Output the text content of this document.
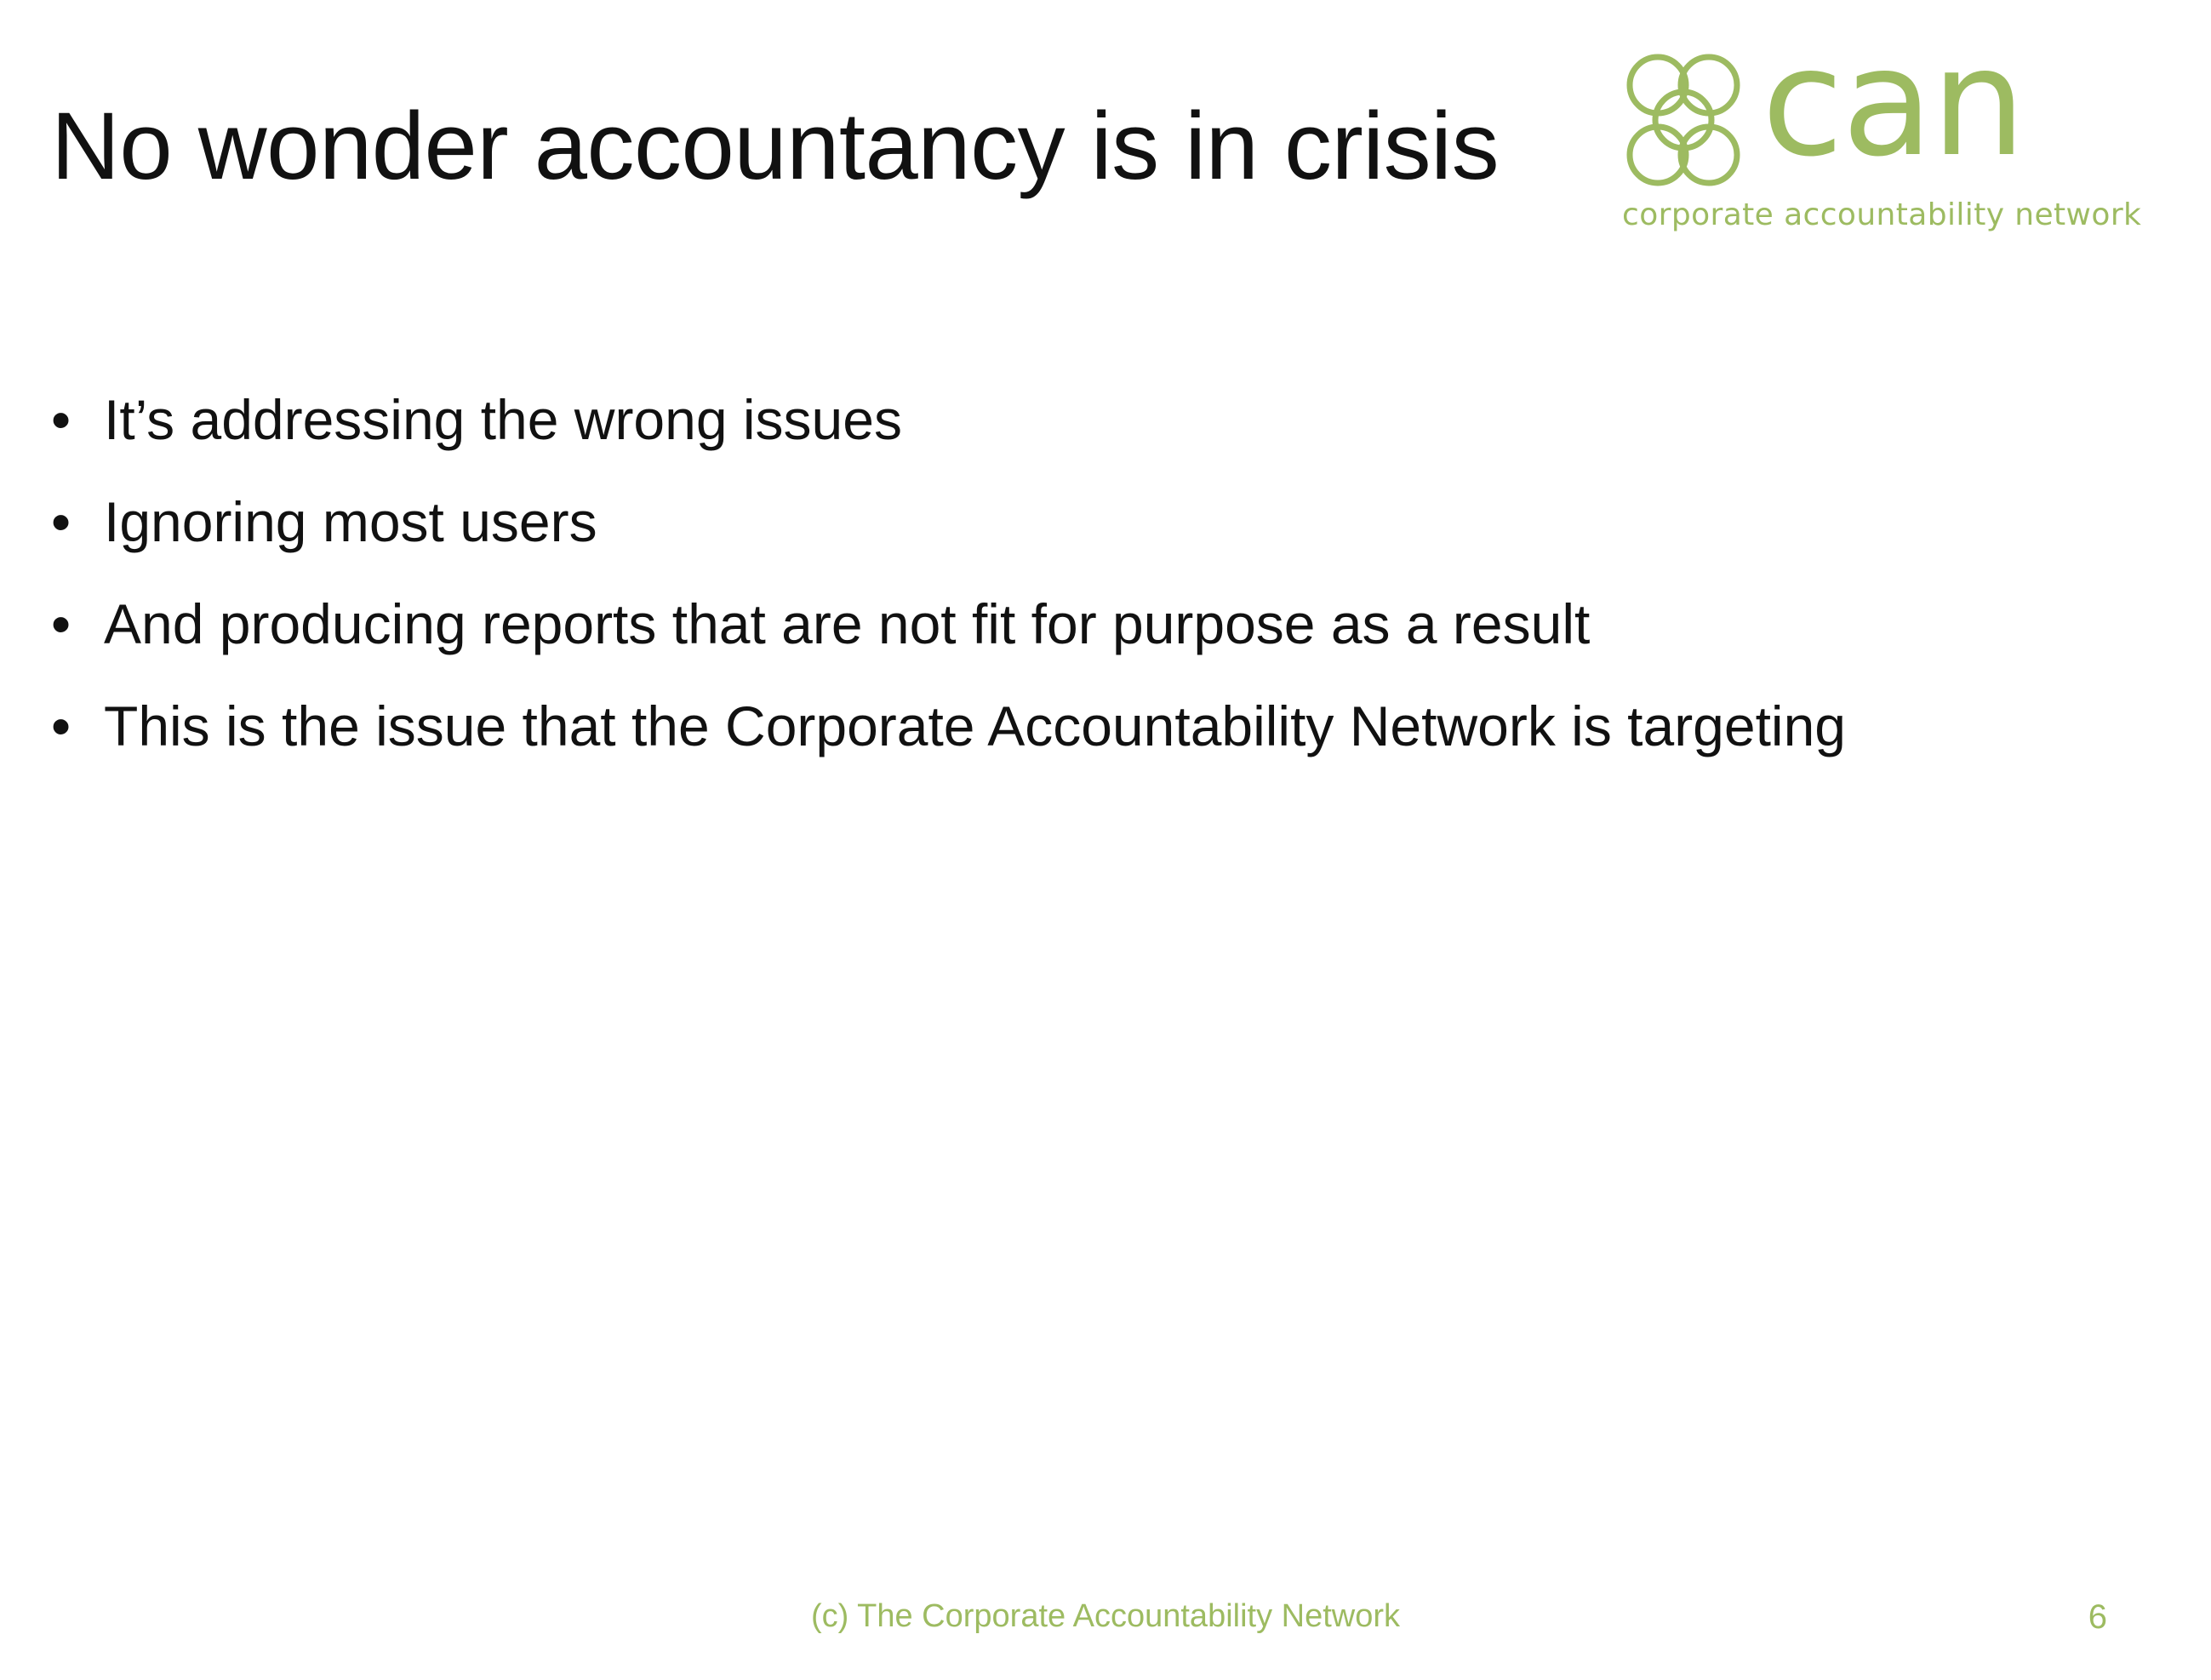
No wonder accountancy is in crisis	can
corporate accountability network
• It’s addressing the wrong issues
• Ignoring most users
• And producing reports that are not fit for purpose as a result
• This is the issue that the Corporate Accountability Network is targeting
(c) The Corporate Accountability Network	6
